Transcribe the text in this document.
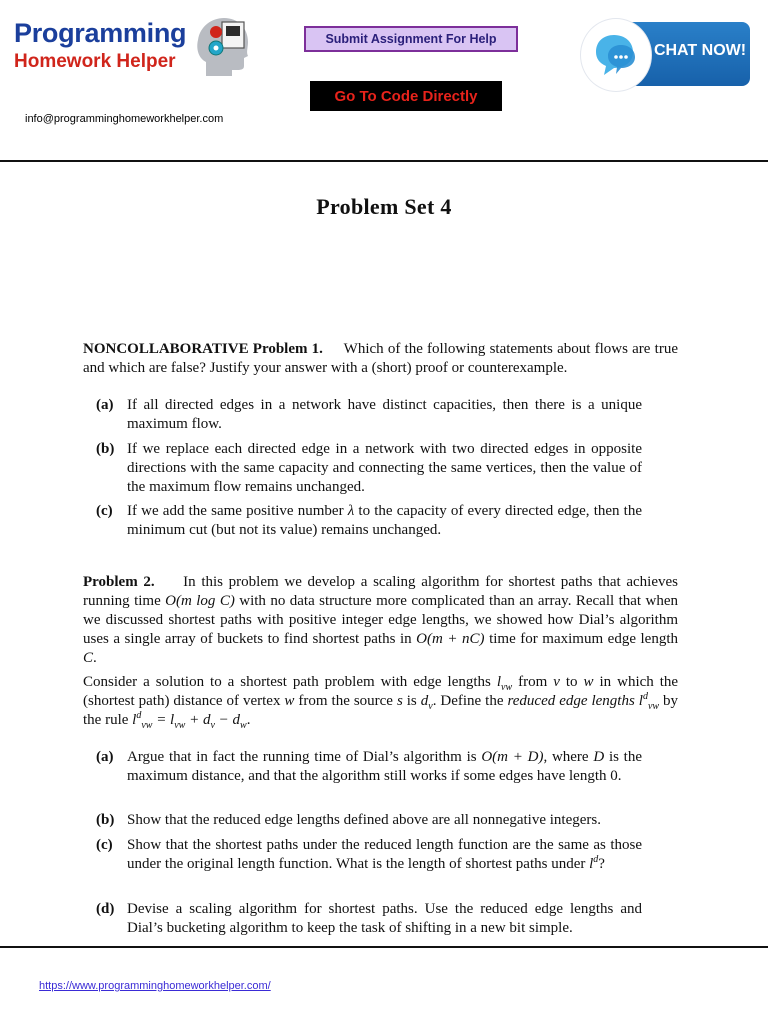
Programming
Homework Helper
Submit Assignment For Help
Go To Code Directly
CHAT NOW!
info@programminghomeworkhelper.com
Problem Set 4
NONCOLLABORATIVE Problem 1. Which of the following statements about flows are true and which are false? Justify your answer with a (short) proof or counterexample.
(a) If all directed edges in a network have distinct capacities, then there is a unique maximum flow.
(b) If we replace each directed edge in a network with two directed edges in opposite directions with the same capacity and connecting the same vertices, then the value of the maximum flow remains unchanged.
(c) If we add the same positive number λ to the capacity of every directed edge, then the minimum cut (but not its value) remains unchanged.
Problem 2. In this problem we develop a scaling algorithm for shortest paths that achieves running time O(m log C) with no data structure more complicated than an array. Recall that when we discussed shortest paths with positive integer edge lengths, we showed how Dial’s algorithm uses a single array of buckets to find shortest paths in O(m + nC) time for maximum edge length C.
Consider a solution to a shortest path problem with edge lengths $l_{vw}$ from v to w in which the (shortest path) distance of vertex w from the source s is $d_v$. Define the reduced edge lengths $l^d_{vw}$ by the rule $l^d_{vw} = l_{vw} + d_v - d_w$.
(a) Argue that in fact the running time of Dial’s algorithm is O(m + D), where D is the maximum distance, and that the algorithm still works if some edges have length 0.
(b) Show that the reduced edge lengths defined above are all nonnegative integers.
(c) Show that the shortest paths under the reduced length function are the same as those under the original length function. What is the length of shortest paths under $l^d$?
(d) Devise a scaling algorithm for shortest paths. Use the reduced edge lengths and Dial’s bucketing algorithm to keep the task of shifting in a new bit simple.
https://www.programminghomeworkhelper.com/
